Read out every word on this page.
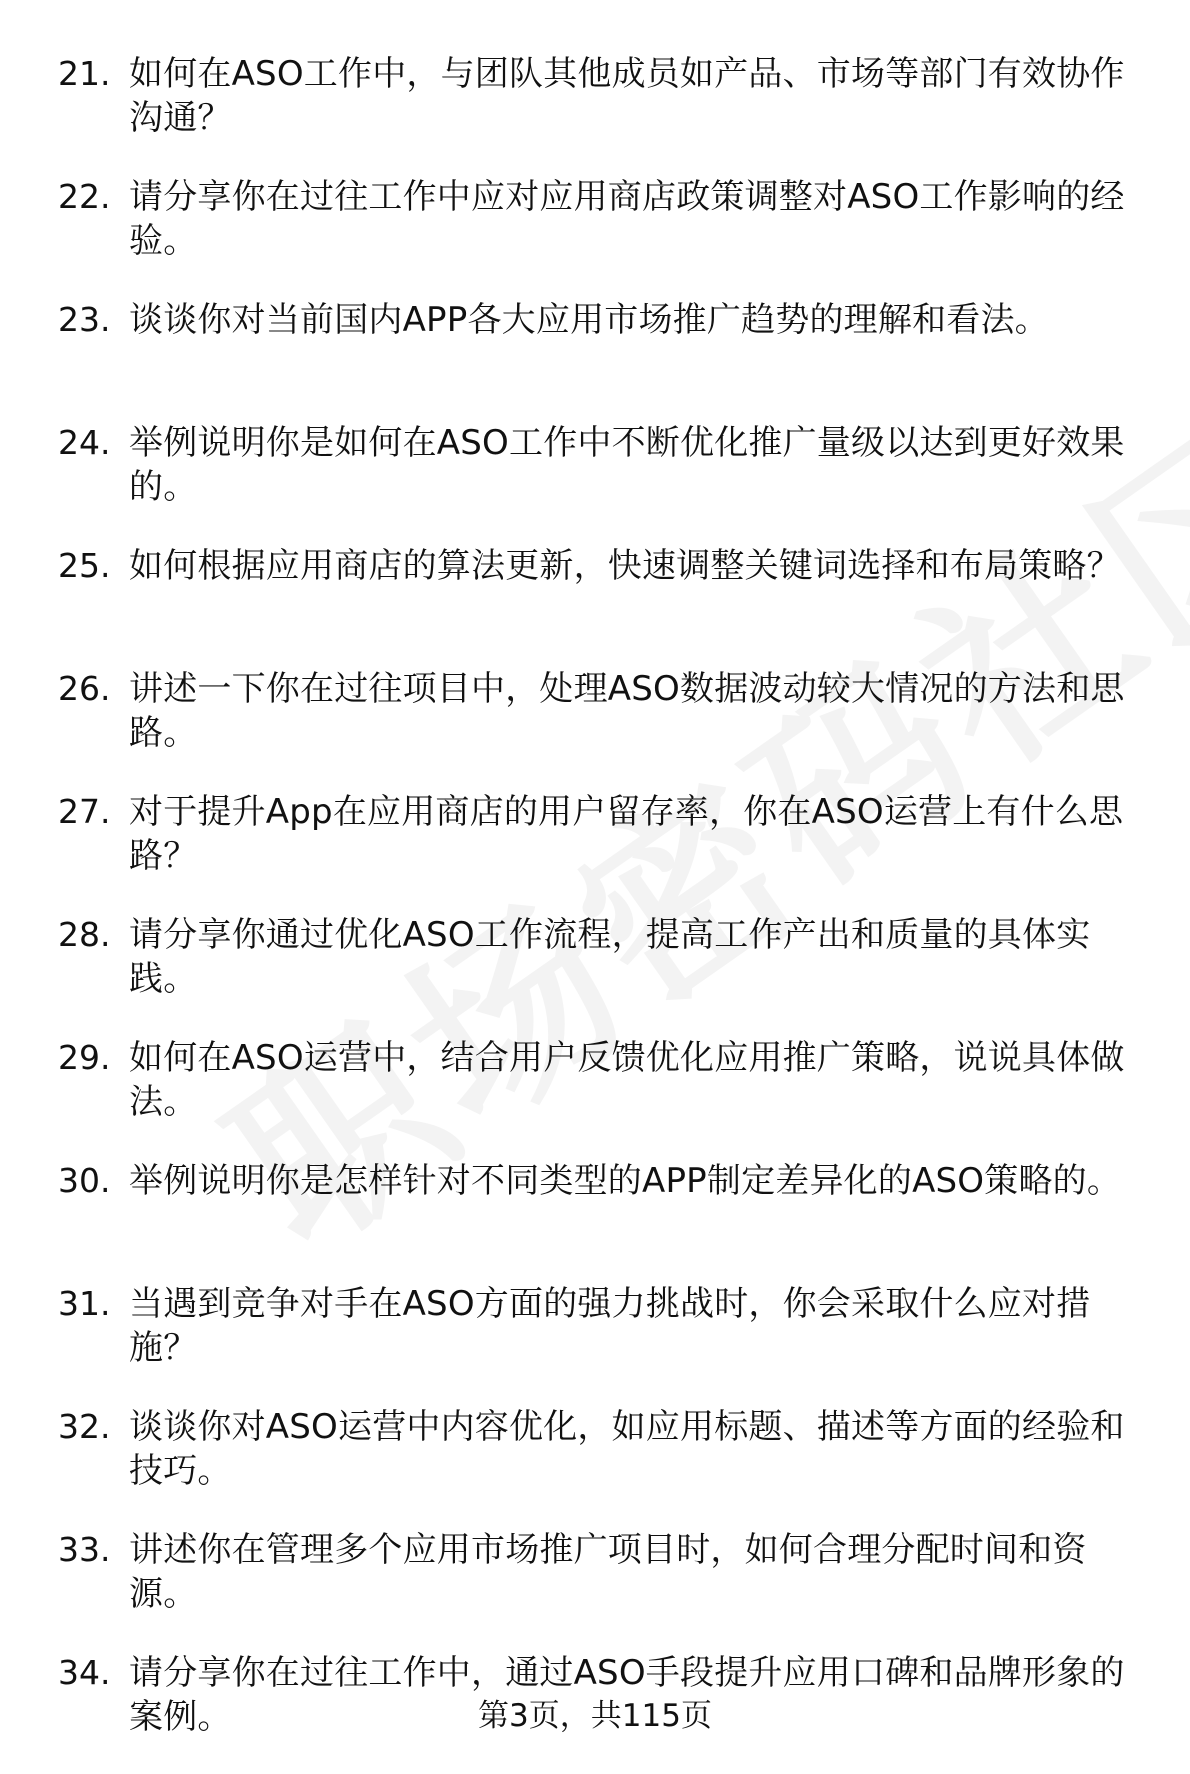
21. 如何在ASO工作中，与团队其他成员如产品、市场等部门有效协作沟通？
22. 请分享你在过往工作中应对应用商店政策调整对ASO工作影响的经验。
23. 谈谈你对当前国内APP各大应用市场推广趋势的理解和看法。
24. 举例说明你是如何在ASO工作中不断优化推广量级以达到更好效果的。
25. 如何根据应用商店的算法更新，快速调整关键词选择和布局策略？
26. 讲述一下你在过往项目中，处理ASO数据波动较大情况的方法和思路。
27. 对于提升App在应用商店的用户留存率，你在ASO运营上有什么思路？
28. 请分享你通过优化ASO工作流程，提高工作产出和质量的具体实践。
29. 如何在ASO运营中，结合用户反馈优化应用推广策略，说说具体做法。
30. 举例说明你是怎样针对不同类型的APP制定差异化的ASO策略的。
31. 当遇到竞争对手在ASO方面的强力挑战时，你会采取什么应对措施？
32. 谈谈你对ASO运营中内容优化，如应用标题、描述等方面的经验和技巧。
33. 讲述你在管理多个应用市场推广项目时，如何合理分配时间和资源。
34. 请分享你在过往工作中，通过ASO手段提升应用口碑和品牌形象的案例。	第3页，共115页
